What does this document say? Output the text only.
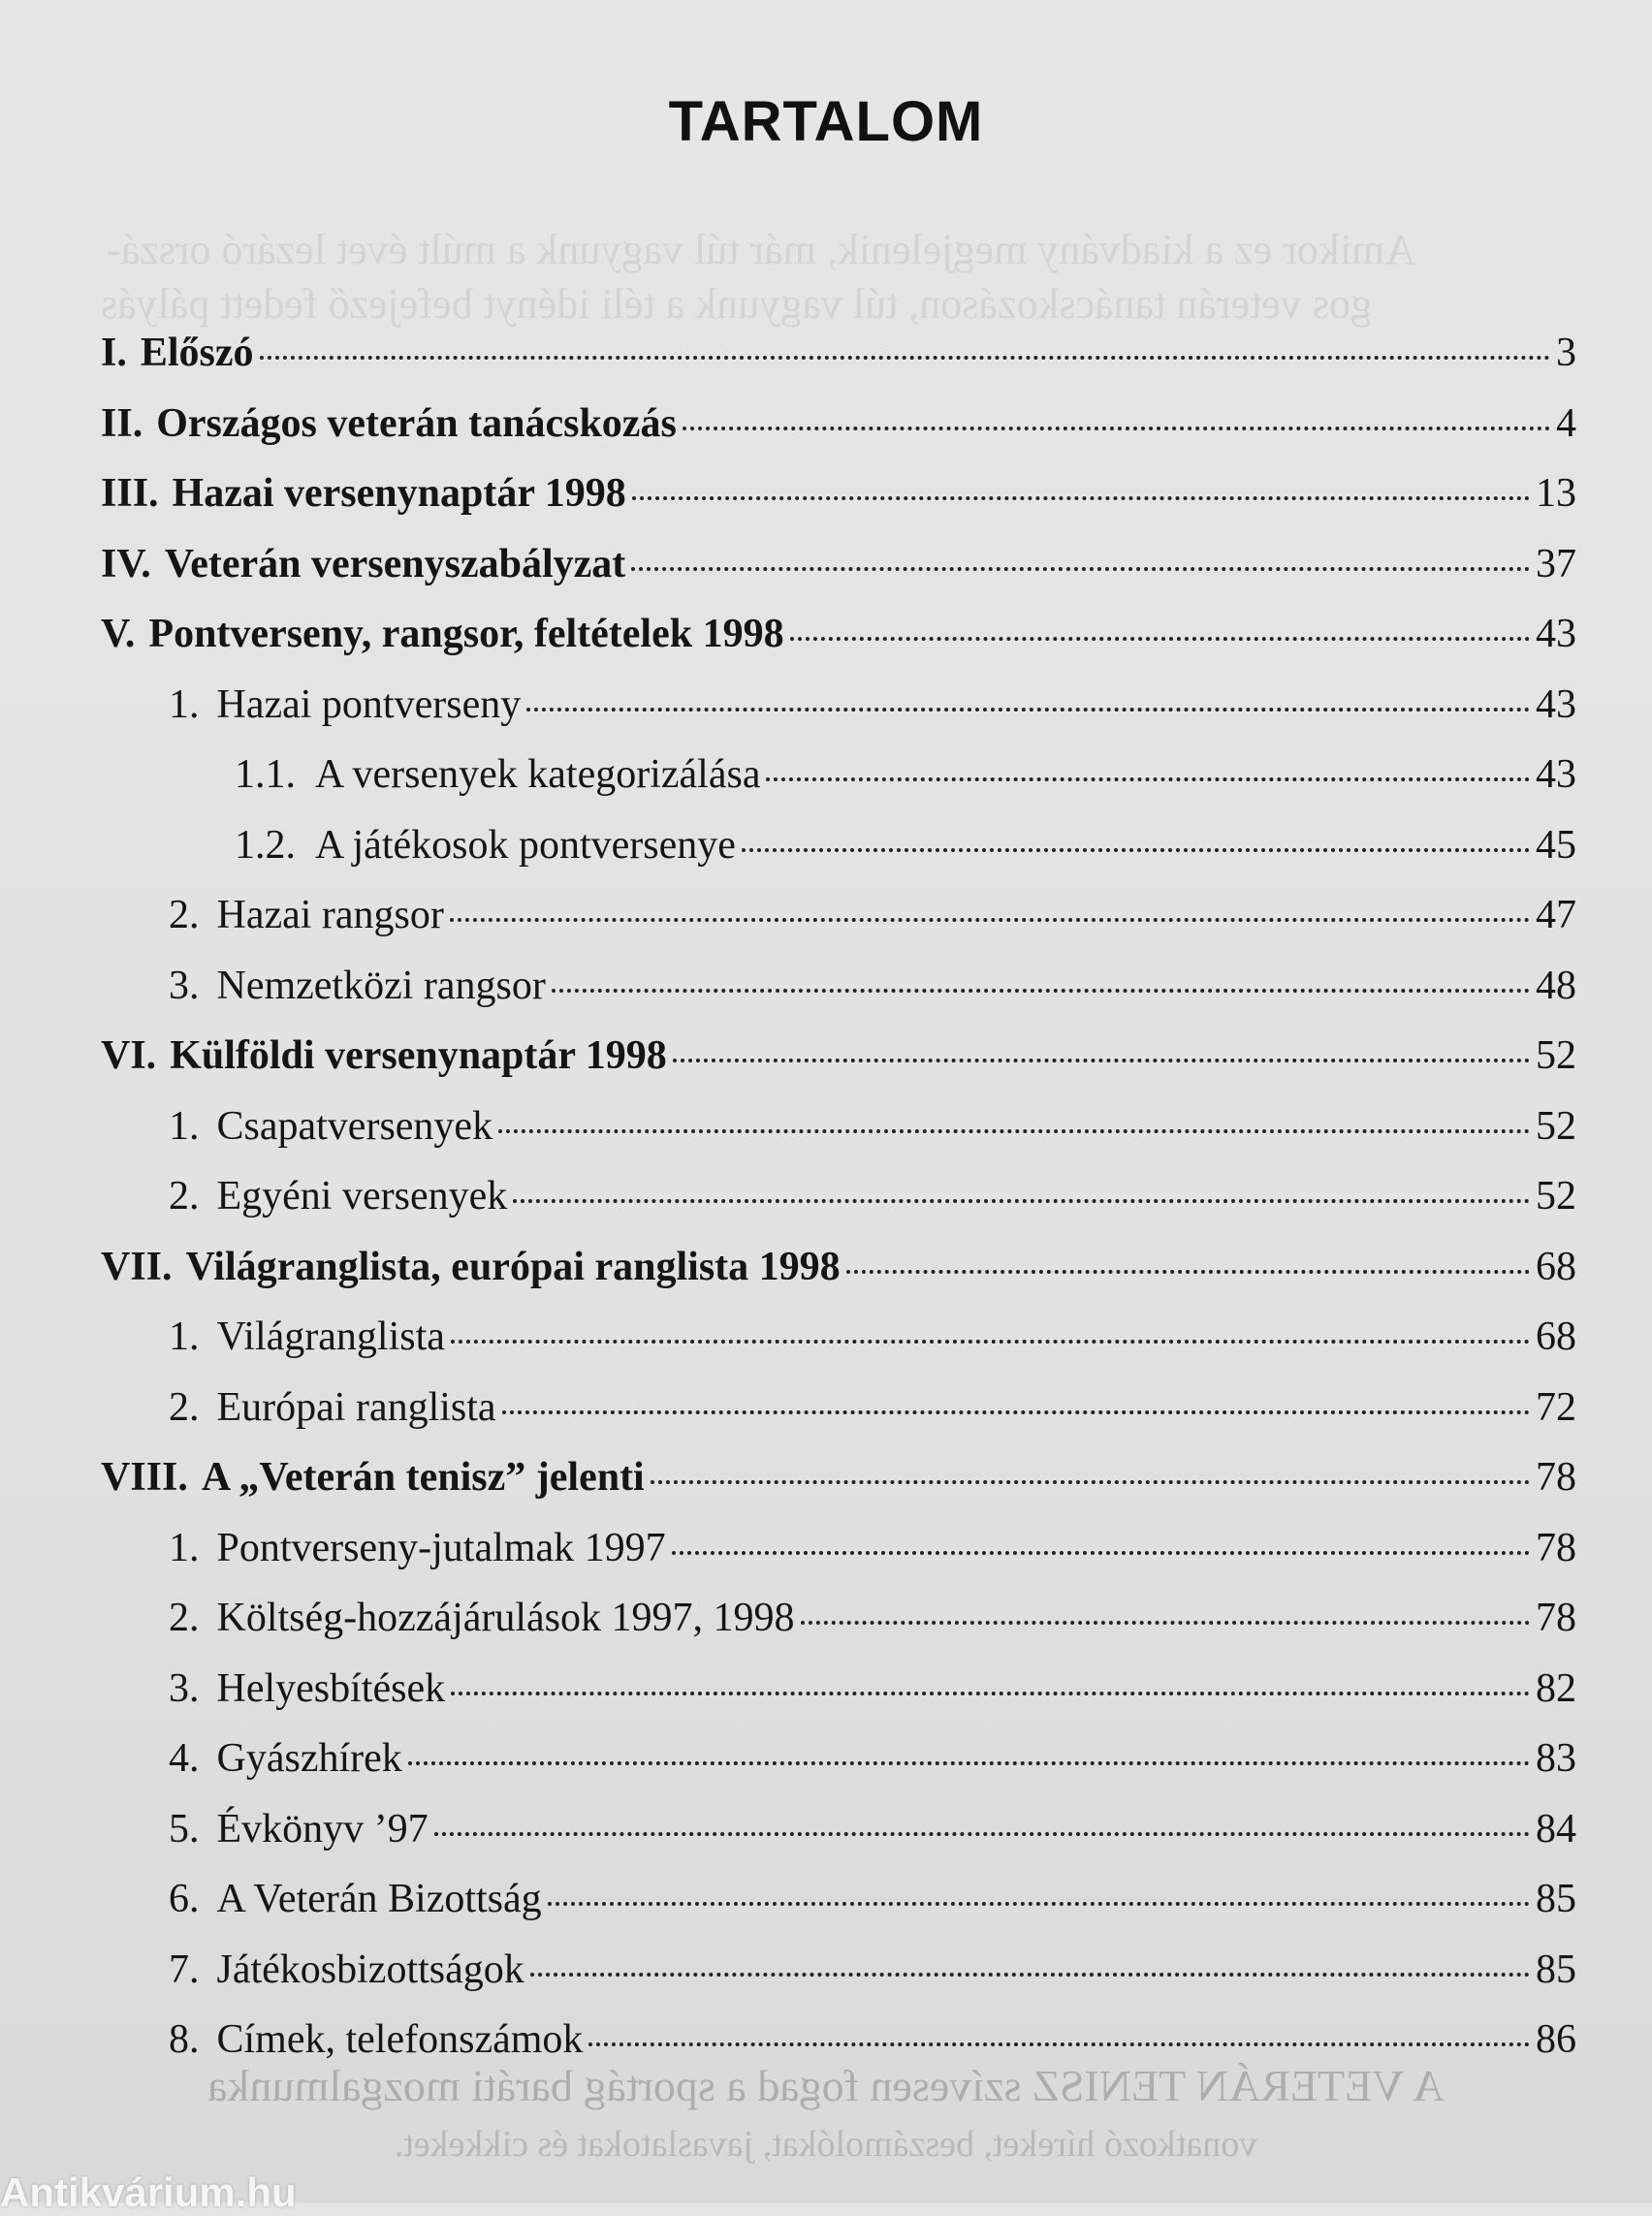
Amikor ez a kiadvány megjelenik, már túl vagyunk a múlt évet lezáró orszá-
gos veterán tanácskozáson, túl vagyunk a téli idényt befejező fedett pályás
TARTALOM
I. Előszó	3
II. Országos veterán tanácskozás	4
III. Hazai versenynaptár 1998	13
IV. Veterán versenyszabályzat	37
V. Pontverseny, rangsor, feltételek 1998	43
1. Hazai pontverseny	43
1.1. A versenyek kategorizálása	43
1.2. A játékosok pontversenye	45
2. Hazai rangsor	47
3. Nemzetközi rangsor	48
VI. Külföldi versenynaptár 1998	52
1. Csapatversenyek	52
2. Egyéni versenyek	52
VII. Világranglista, európai ranglista 1998	68
1. Világranglista	68
2. Európai ranglista	72
VIII. A „Veterán tenisz” jelenti	78
1. Pontverseny-jutalmak 1997	78
2. Költség-hozzájárulások 1997, 1998	78
3. Helyesbítések	82
4. Gyászhírek	83
5. Évkönyv ’97	84
6. A Veterán Bizottság	85
7. Játékosbizottságok	85
8. Címek, telefonszámok	86
A VETERÁN TENISZ szívesen fogad a sportág baráti mozgalmunka
vonatkozó híreket, beszámolókat, javaslatokat és cikkeket.
Antikvárium.hu
